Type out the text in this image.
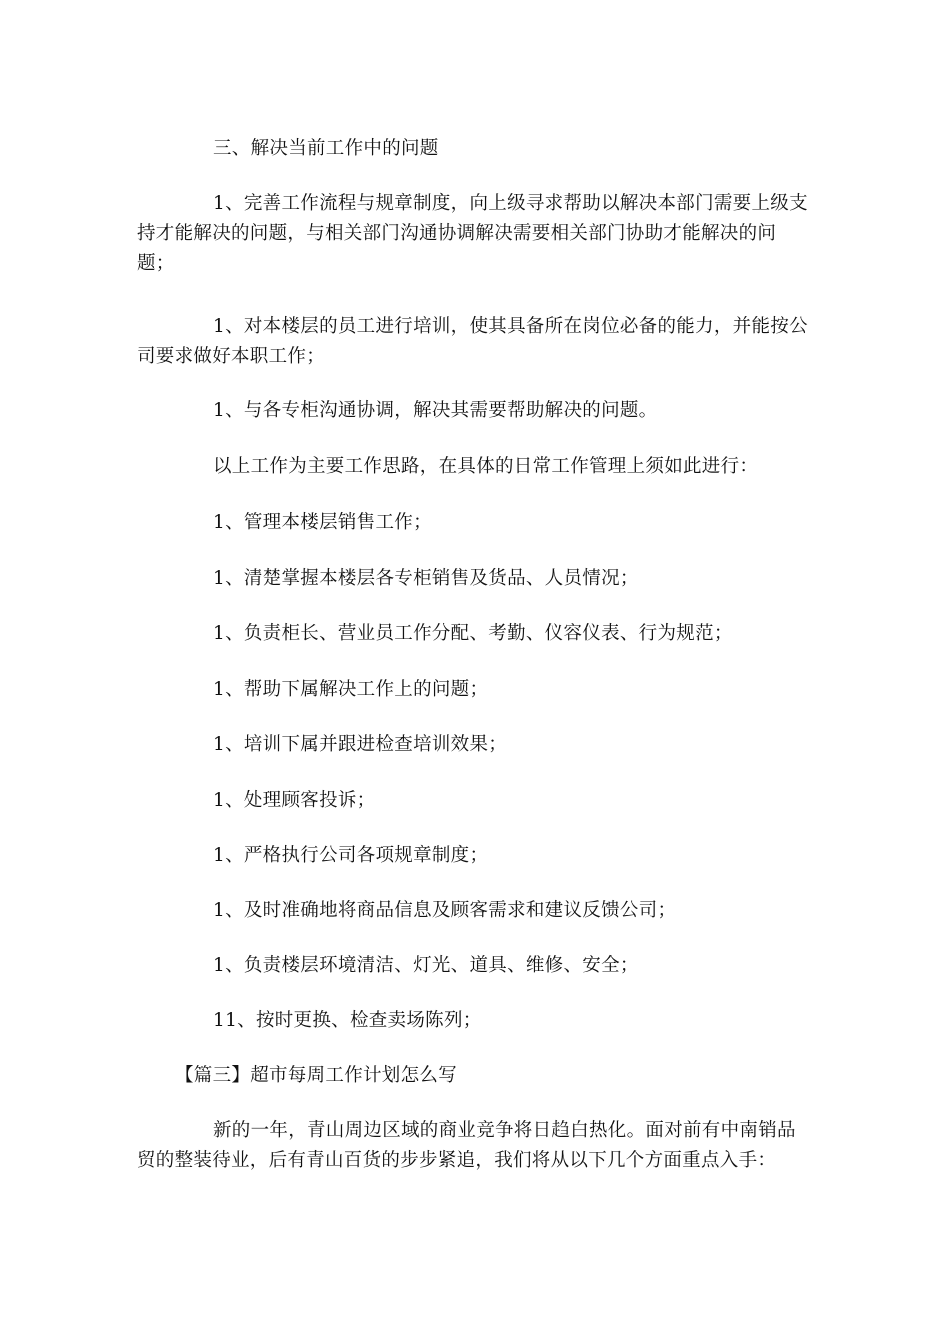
三、解决当前工作中的问题

1、完善工作流程与规章制度，向上级寻求帮助以解决本部门需要上级支持才能解决的问题，与相关部门沟通协调解决需要相关部门协助才能解决的问题；

1、对本楼层的员工进行培训，使其具备所在岗位必备的能力，并能按公司要求做好本职工作；

1、与各专柜沟通协调，解决其需要帮助解决的问题。

以上工作为主要工作思路，在具体的日常工作管理上须如此进行：

1、管理本楼层销售工作；

1、清楚掌握本楼层各专柜销售及货品、人员情况；

1、负责柜长、营业员工作分配、考勤、仪容仪表、行为规范；

1、帮助下属解决工作上的问题；

1、培训下属并跟进检查培训效果；

1、处理顾客投诉；

1、严格执行公司各项规章制度；

1、及时准确地将商品信息及顾客需求和建议反馈公司；

1、负责楼层环境清洁、灯光、道具、维修、安全；

11、按时更换、检查卖场陈列；

【篇三】超市每周工作计划怎么写

新的一年，青山周边区域的商业竞争将日趋白热化。面对前有中南销品贸的整装待业，后有青山百货的步步紧追，我们将从以下几个方面重点入手：
